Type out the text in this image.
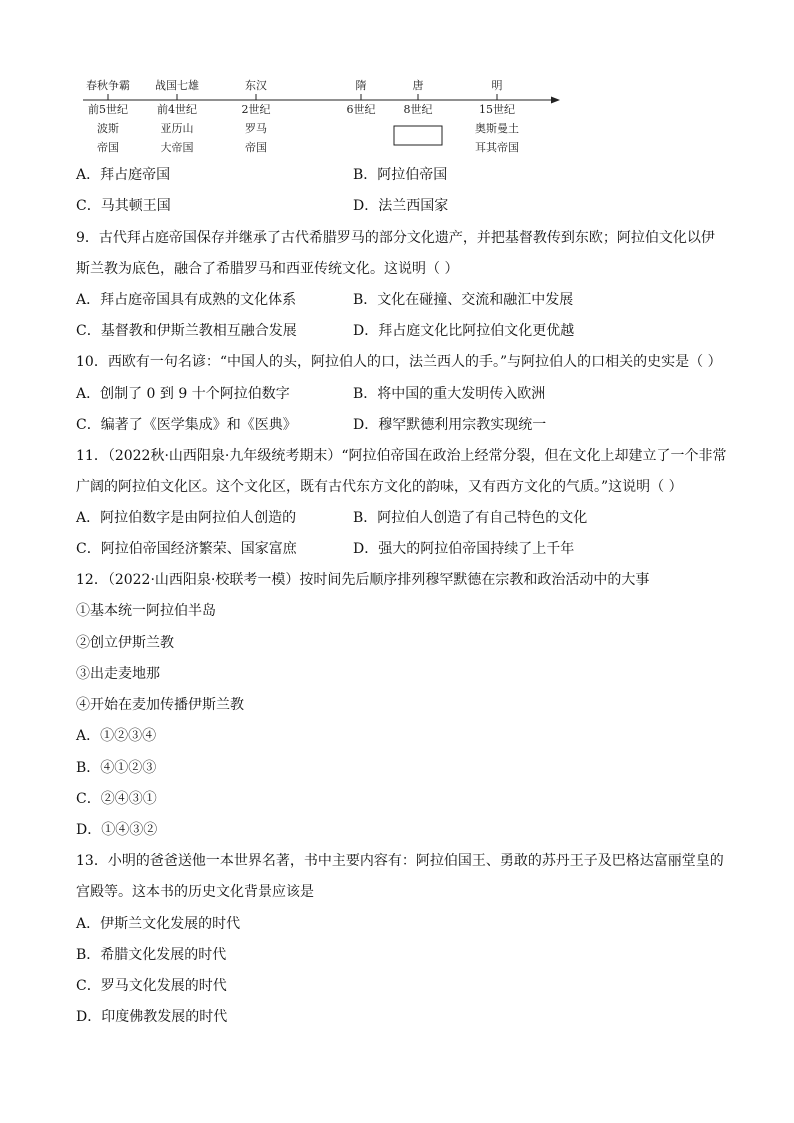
春秋争霸 战国七雄	东汉	隋	唐	明
前5世纪	前4世纪	2世纪	6世纪	8世纪	15世纪
波斯	亚历山	罗马	奥斯曼土
帝国	大帝国	帝国	耳其帝国
A．拜占庭帝国	B．阿拉伯帝国
C．马其顿王国	D．法兰西国家
9．古代拜占庭帝国保存并继承了古代希腊罗马的部分文化遗产，并把基督教传到东欧；阿拉伯文化以伊
斯兰教为底色，融合了希腊罗马和西亚传统文化。这说明（ ）
A．拜占庭帝国具有成熟的文化体系	B．文化在碰撞、交流和融汇中发展
C．基督教和伊斯兰教相互融合发展	D．拜占庭文化比阿拉伯文化更优越
10．西欧有一句名谚：“中国人的头，阿拉伯人的口，法兰西人的手。”与阿拉伯人的口相关的史实是（ ）
A．创制了 0 到 9 十个阿拉伯数字	B．将中国的重大发明传入欧洲
C．编著了《医学集成》和《医典》	D．穆罕默德利用宗教实现统一
11．（2022秋·山西阳泉·九年级统考期末）“阿拉伯帝国在政治上经常分裂，但在文化上却建立了一个非常
广阔的阿拉伯文化区。这个文化区，既有古代东方文化的韵味，又有西方文化的气质。”这说明（ ）
A．阿拉伯数字是由阿拉伯人创造的	B．阿拉伯人创造了有自己特色的文化
C．阿拉伯帝国经济繁荣、国家富庶	D．强大的阿拉伯帝国持续了上千年
12．（2022·山西阳泉·校联考一模）按时间先后顺序排列穆罕默德在宗教和政治活动中的大事
①基本统一阿拉伯半岛
②创立伊斯兰教
③出走麦地那
④开始在麦加传播伊斯兰教
A．①②③④
B．④①②③
C．②④③①
D．①④③②
13．小明的爸爸送他一本世界名著，书中主要内容有：阿拉伯国王、勇敢的苏丹王子及巴格达富丽堂皇的
宫殿等。这本书的历史文化背景应该是
A．伊斯兰文化发展的时代
B．希腊文化发展的时代
C．罗马文化发展的时代
D．印度佛教发展的时代
